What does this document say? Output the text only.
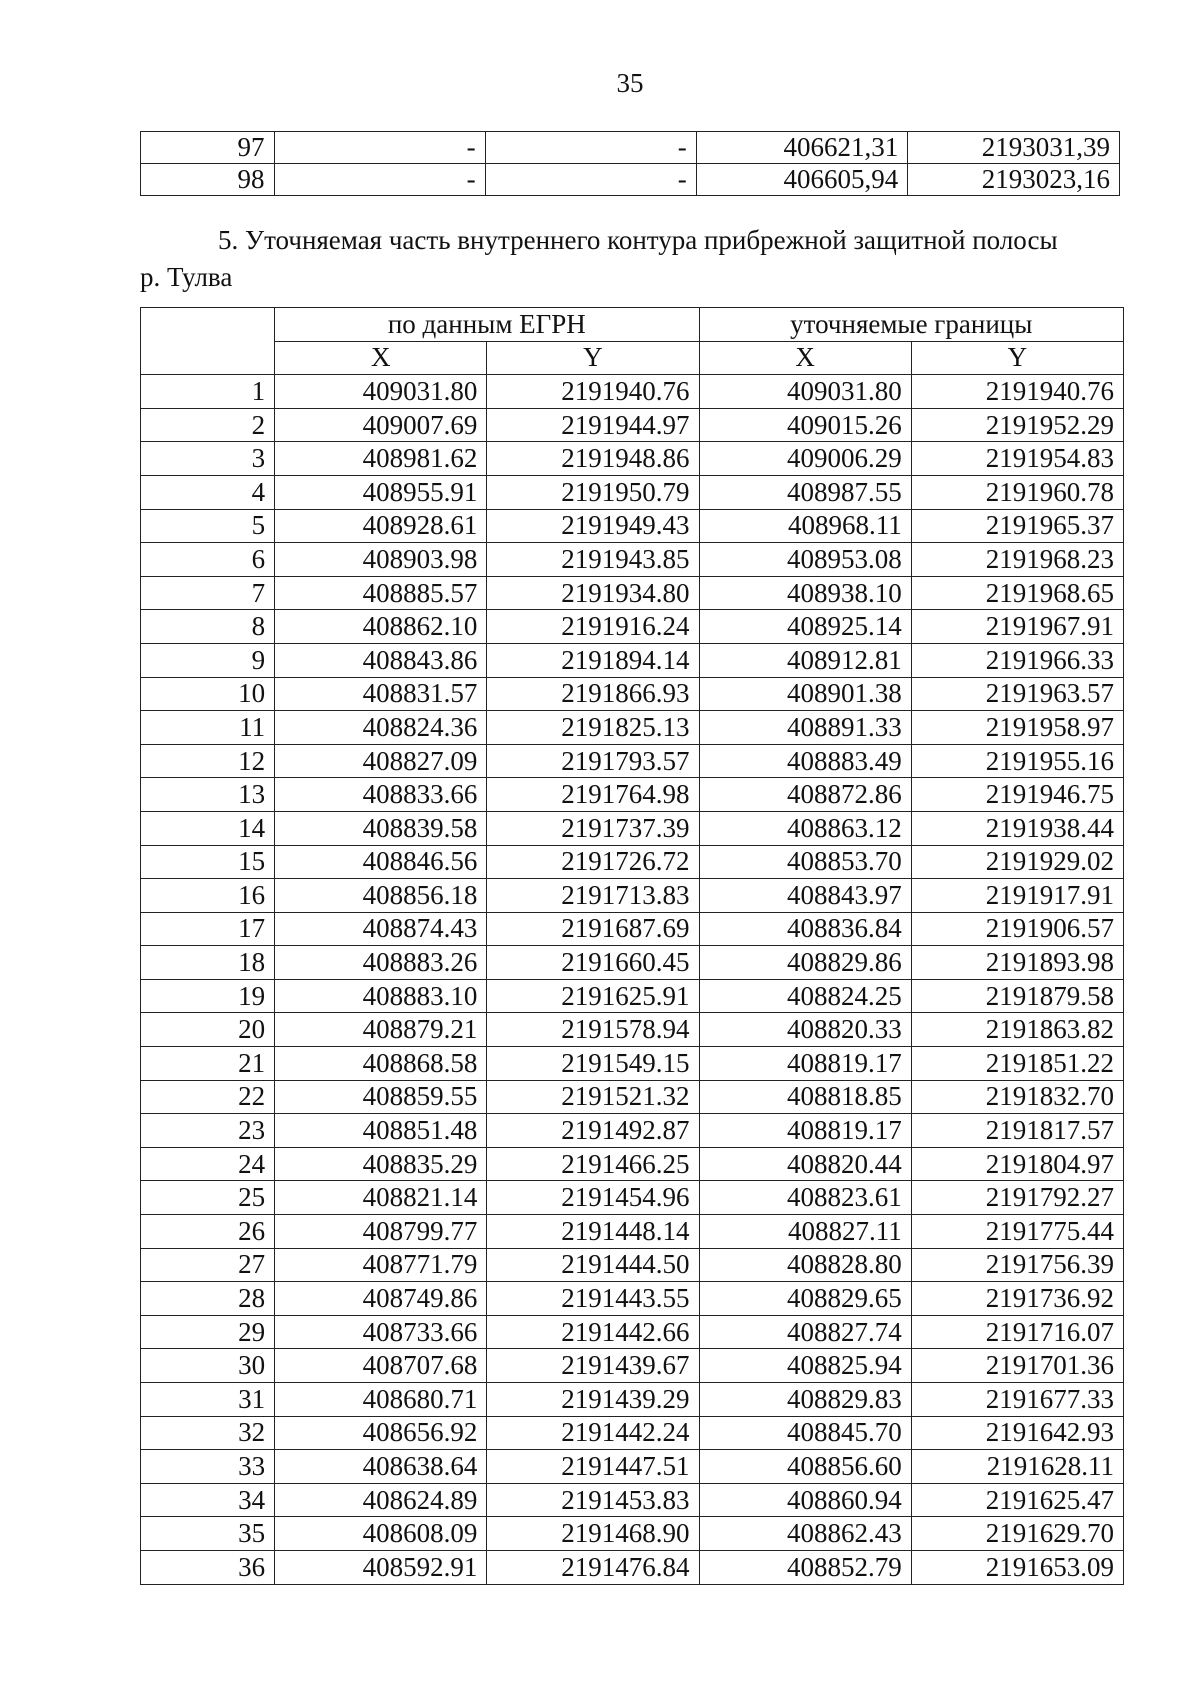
35
97	-	-	406621,31	2193031,39
98	-	-	406605,94	2193023,16
5. Уточняемая часть внутреннего контура прибрежной защитной полосы
р. Тулва
	по данным ЕГРН		уточняемые границы	
	X	Y	X	Y
1	409031.80	2191940.76	409031.80	2191940.76
2	409007.69	2191944.97	409015.26	2191952.29
3	408981.62	2191948.86	409006.29	2191954.83
4	408955.91	2191950.79	408987.55	2191960.78
5	408928.61	2191949.43	408968.11	2191965.37
6	408903.98	2191943.85	408953.08	2191968.23
7	408885.57	2191934.80	408938.10	2191968.65
8	408862.10	2191916.24	408925.14	2191967.91
9	408843.86	2191894.14	408912.81	2191966.33
10	408831.57	2191866.93	408901.38	2191963.57
11	408824.36	2191825.13	408891.33	2191958.97
12	408827.09	2191793.57	408883.49	2191955.16
13	408833.66	2191764.98	408872.86	2191946.75
14	408839.58	2191737.39	408863.12	2191938.44
15	408846.56	2191726.72	408853.70	2191929.02
16	408856.18	2191713.83	408843.97	2191917.91
17	408874.43	2191687.69	408836.84	2191906.57
18	408883.26	2191660.45	408829.86	2191893.98
19	408883.10	2191625.91	408824.25	2191879.58
20	408879.21	2191578.94	408820.33	2191863.82
21	408868.58	2191549.15	408819.17	2191851.22
22	408859.55	2191521.32	408818.85	2191832.70
23	408851.48	2191492.87	408819.17	2191817.57
24	408835.29	2191466.25	408820.44	2191804.97
25	408821.14	2191454.96	408823.61	2191792.27
26	408799.77	2191448.14	408827.11	2191775.44
27	408771.79	2191444.50	408828.80	2191756.39
28	408749.86	2191443.55	408829.65	2191736.92
29	408733.66	2191442.66	408827.74	2191716.07
30	408707.68	2191439.67	408825.94	2191701.36
31	408680.71	2191439.29	408829.83	2191677.33
32	408656.92	2191442.24	408845.70	2191642.93
33	408638.64	2191447.51	408856.60	2191628.11
34	408624.89	2191453.83	408860.94	2191625.47
35	408608.09	2191468.90	408862.43	2191629.70
36	408592.91	2191476.84	408852.79	2191653.09
